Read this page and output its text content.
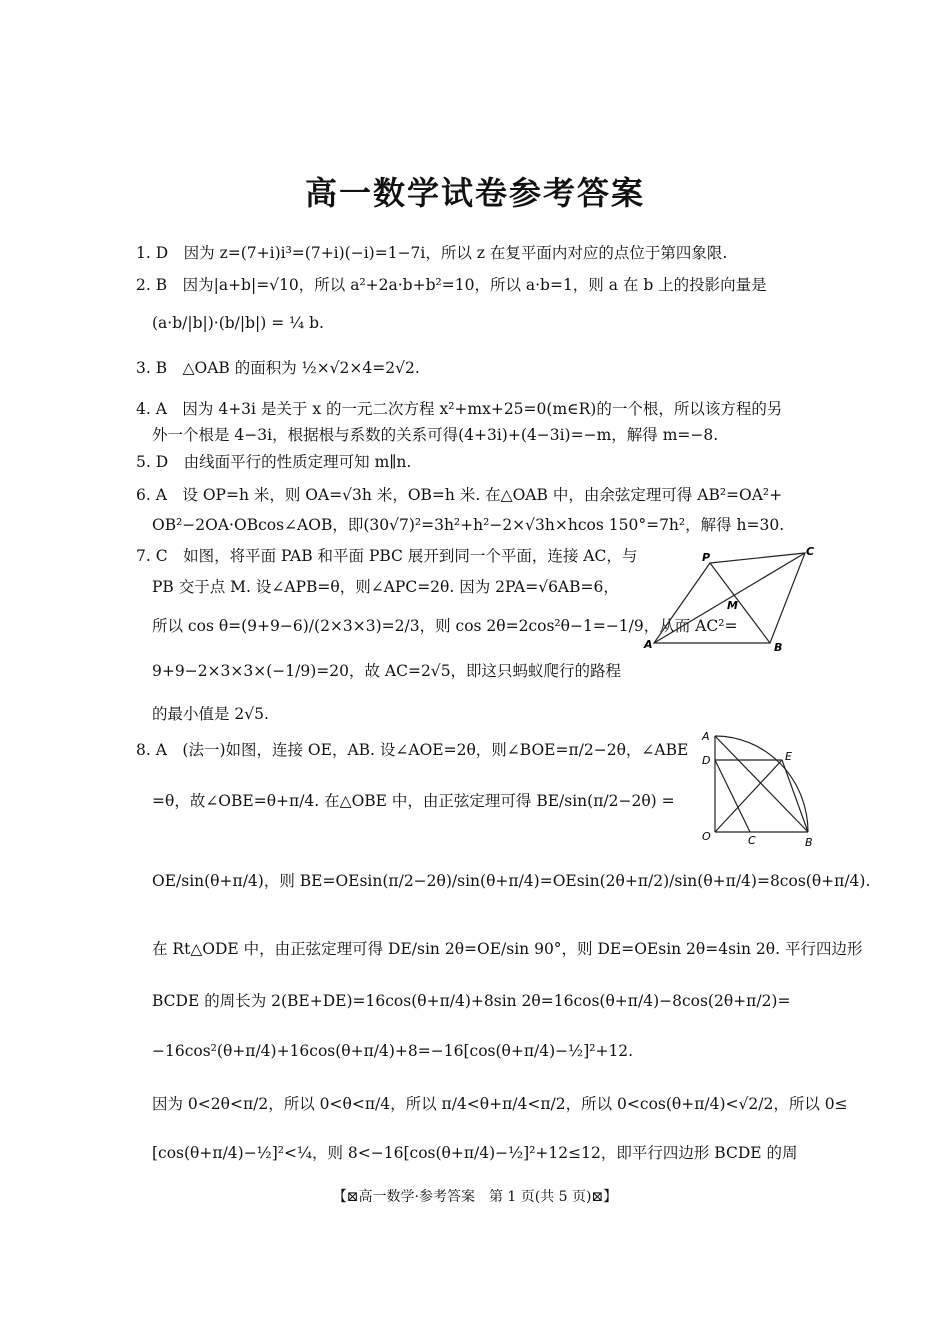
高一数学试卷参考答案
1. D　因为 z=(7+i)i³=(7+i)(−i)=1−7i，所以 z 在复平面内对应的点位于第四象限.
2. B　因为|a+b|=√10，所以 a²+2a·b+b²=10，所以 a·b=1，则 a 在 b 上的投影向量是
(a·b/|b|)·(b/|b|) = ¼ b.
3. B　△OAB 的面积为 ½×√2×4=2√2.
4. A　因为 4+3i 是关于 x 的一元二次方程 x²+mx+25=0(m∈R)的一个根，所以该方程的另
外一个根是 4−3i，根据根与系数的关系可得(4+3i)+(4−3i)=−m，解得 m=−8.
5. D　由线面平行的性质定理可知 m∥n.
6. A　设 OP=h 米，则 OA=√3h 米，OB=h 米. 在△OAB 中，由余弦定理可得 AB²=OA²+
OB²−2OA·OBcos∠AOB，即(30√7)²=3h²+h²−2×√3h×hcos 150°=7h²，解得 h=30.
7. C　如图，将平面 PAB 和平面 PBC 展开到同一个平面，连接 AC，与
PB 交于点 M. 设∠APB=θ，则∠APC=2θ. 因为 2PA=√6AB=6，
所以 cos θ=(9+9−6)/(2×3×3)=2/3，则 cos 2θ=2cos²θ−1=−1/9，从而 AC²=
9+9−2×3×3×(−1/9)=20，故 AC=2√5，即这只蚂蚁爬行的路程
的最小值是 2√5.
8. A　(法一)如图，连接 OE，AB. 设∠AOE=2θ，则∠BOE=π/2−2θ，∠ABE
=θ，故∠OBE=θ+π/4. 在△OBE 中，由正弦定理可得 BE/sin(π/2−2θ) =
OE/sin(θ+π/4)，则 BE=OEsin(π/2−2θ)/sin(θ+π/4)=OEsin(2θ+π/2)/sin(θ+π/4)=8cos(θ+π/4).
在 Rt△ODE 中，由正弦定理可得 DE/sin 2θ=OE/sin 90°，则 DE=OEsin 2θ=4sin 2θ. 平行四边形
BCDE 的周长为 2(BE+DE)=16cos(θ+π/4)+8sin 2θ=16cos(θ+π/4)−8cos(2θ+π/2)=
−16cos²(θ+π/4)+16cos(θ+π/4)+8=−16[cos(θ+π/4)−½]²+12.
因为 0<2θ<π/2，所以 0<θ<π/4，所以 π/4<θ+π/4<π/2，所以 0<cos(θ+π/4)<√2/2，所以 0≤
[cos(θ+π/4)−½]²<¼，则 8<−16[cos(θ+π/4)−½]²+12≤12，即平行四边形 BCDE 的周
P	C
M
A	B
A
D	E
O	C	B
【⊠高一数学·参考答案　第 1 页(共 5 页)⊠】
